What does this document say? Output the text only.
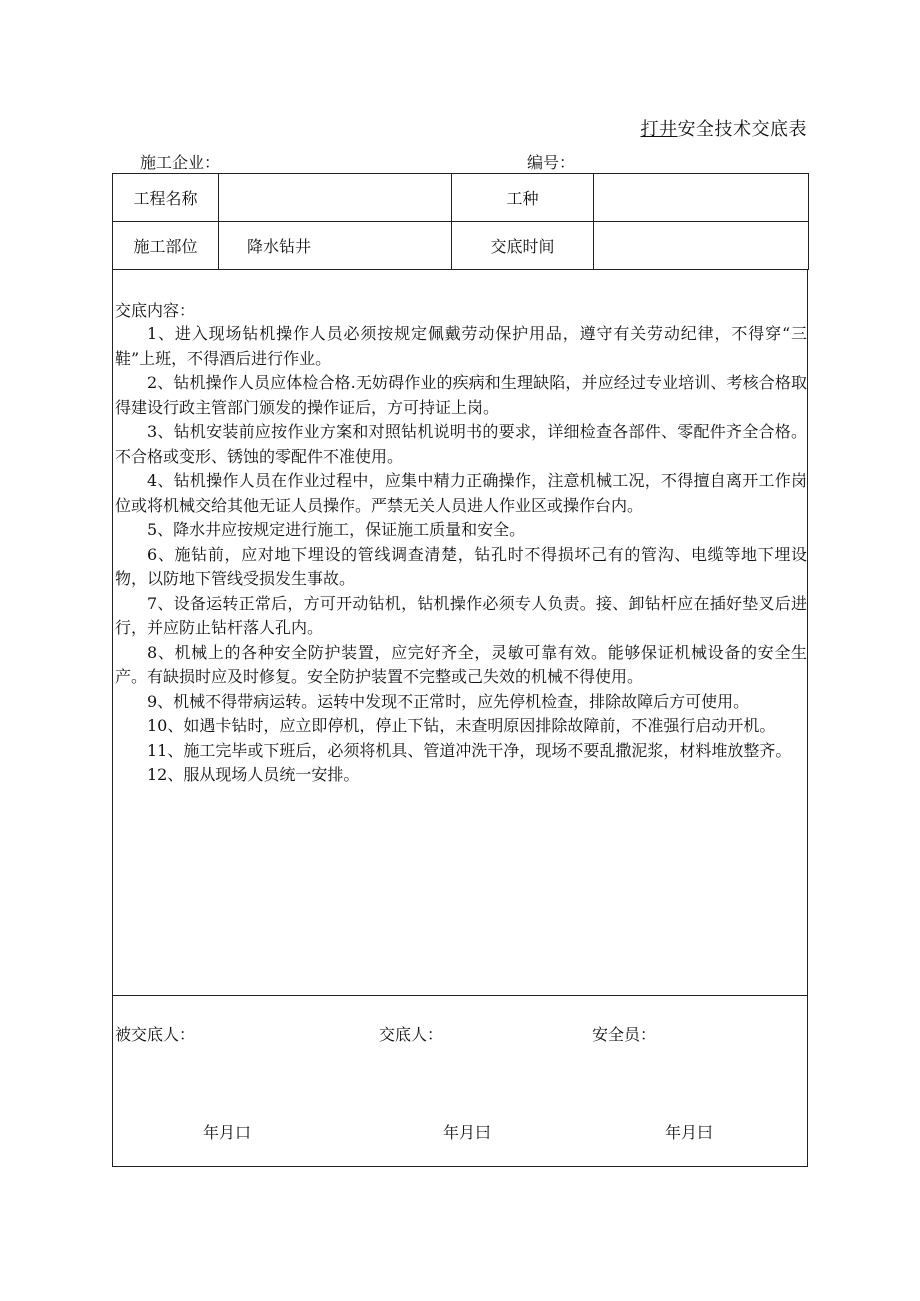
打井安全技术交底表
施工企业：	编号：
工程名称		工种	
施工部位	降水钻井	交底时间	
交底内容：

1、进入现场钻机操作人员必须按规定佩戴劳动保护用品，遵守有关劳动纪律，不得穿“三鞋”上班，不得酒后进行作业。

2、钻机操作人员应体检合格.无妨碍作业的疾病和生理缺陷，并应经过专业培训、考核合格取得建设行政主管部门颁发的操作证后，方可持证上岗。

3、钻机安装前应按作业方案和对照钻机说明书的要求，详细检查各部件、零配件齐全合格。不合格或变形、锈蚀的零配件不准使用。

4、钻机操作人员在作业过程中，应集中精力正确操作，注意机械工况，不得擅自离开工作岗位或将机械交给其他无证人员操作。严禁无关人员进人作业区或操作台内。

5、降水井应按规定进行施工，保证施工质量和安全。

6、施钻前，应对地下埋设的管线调查清楚，钻孔时不得损坏己有的管沟、电缆等地下埋设物，以防地下管线受损发生事故。

7、设备运转正常后，方可开动钻机，钻机操作必须专人负责。接、卸钻杆应在插好垫叉后进行，并应防止钻杆落人孔内。

8、机械上的各种安全防护装置，应完好齐全，灵敏可靠有效。能够保证机械设备的安全生产。有缺损时应及时修复。安全防护装置不完整或己失效的机械不得使用。

9、机械不得带病运转。运转中发现不正常时，应先停机检查，排除故障后方可使用。

10、如遇卡钻时，应立即停机，停止下钻，未查明原因排除故障前，不准强行启动开机。

11、施工完毕或下班后，必须将机具、管道冲洗干净，现场不要乱撒泥浆，材料堆放整齐。

12、服从现场人员统一安排。

被交底人：	交底人：	安全员：
年月口	年月曰	年月曰
